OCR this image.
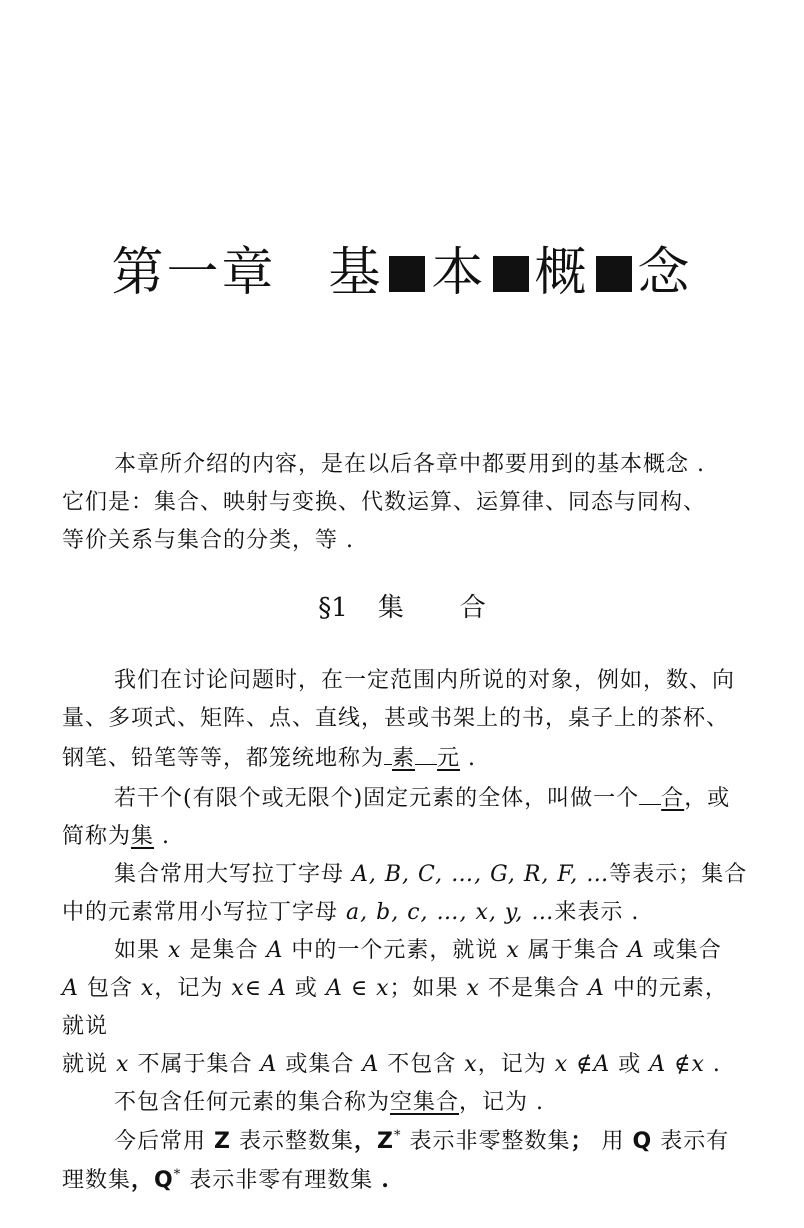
第一章 基 本 概 念

本章所介绍的内容，是在以后各章中都要用到的基本概念 .

它们是：集合、映射与变换、代数运算、运算律、同态与同构、

等价关系与集合的分类，等 .

§1 集 合

我们在讨论问题时，在一定范围内所说的对象，例如，数、向量、多项式、矩阵、点、直线，甚或书架上的书，桌子上的茶杯、钢笔、铅笔等等，都笼统地称为 素 元 .

若干个(有限个或无限个)固定元素的全体，叫做一个 合，或简称为集 .

集合常用大写拉丁字母 A, B, C, …, G, R, F, …等表示；集合中的元素常用小写拉丁字母 a, b, c, …, x, y, …来表示 .

如果 x 是集合 A 中的一个元素，就说 x 属于集合 A 或集合
A 包含 x，记为 x∈ A 或 A ∈ x；如果 x 不是集合 A 中的元素，就说
就说 x 不属于集合 A 或集合 A 不包含 x，记为 x ∉A 或 A ∉x .

不包含任何元素的集合称为空集合，记为 .

今后常用 Z 表示整数集，Z* 表示非零整数集； 用 Q 表示有理数集，Q* 表示非零有理数集 .
